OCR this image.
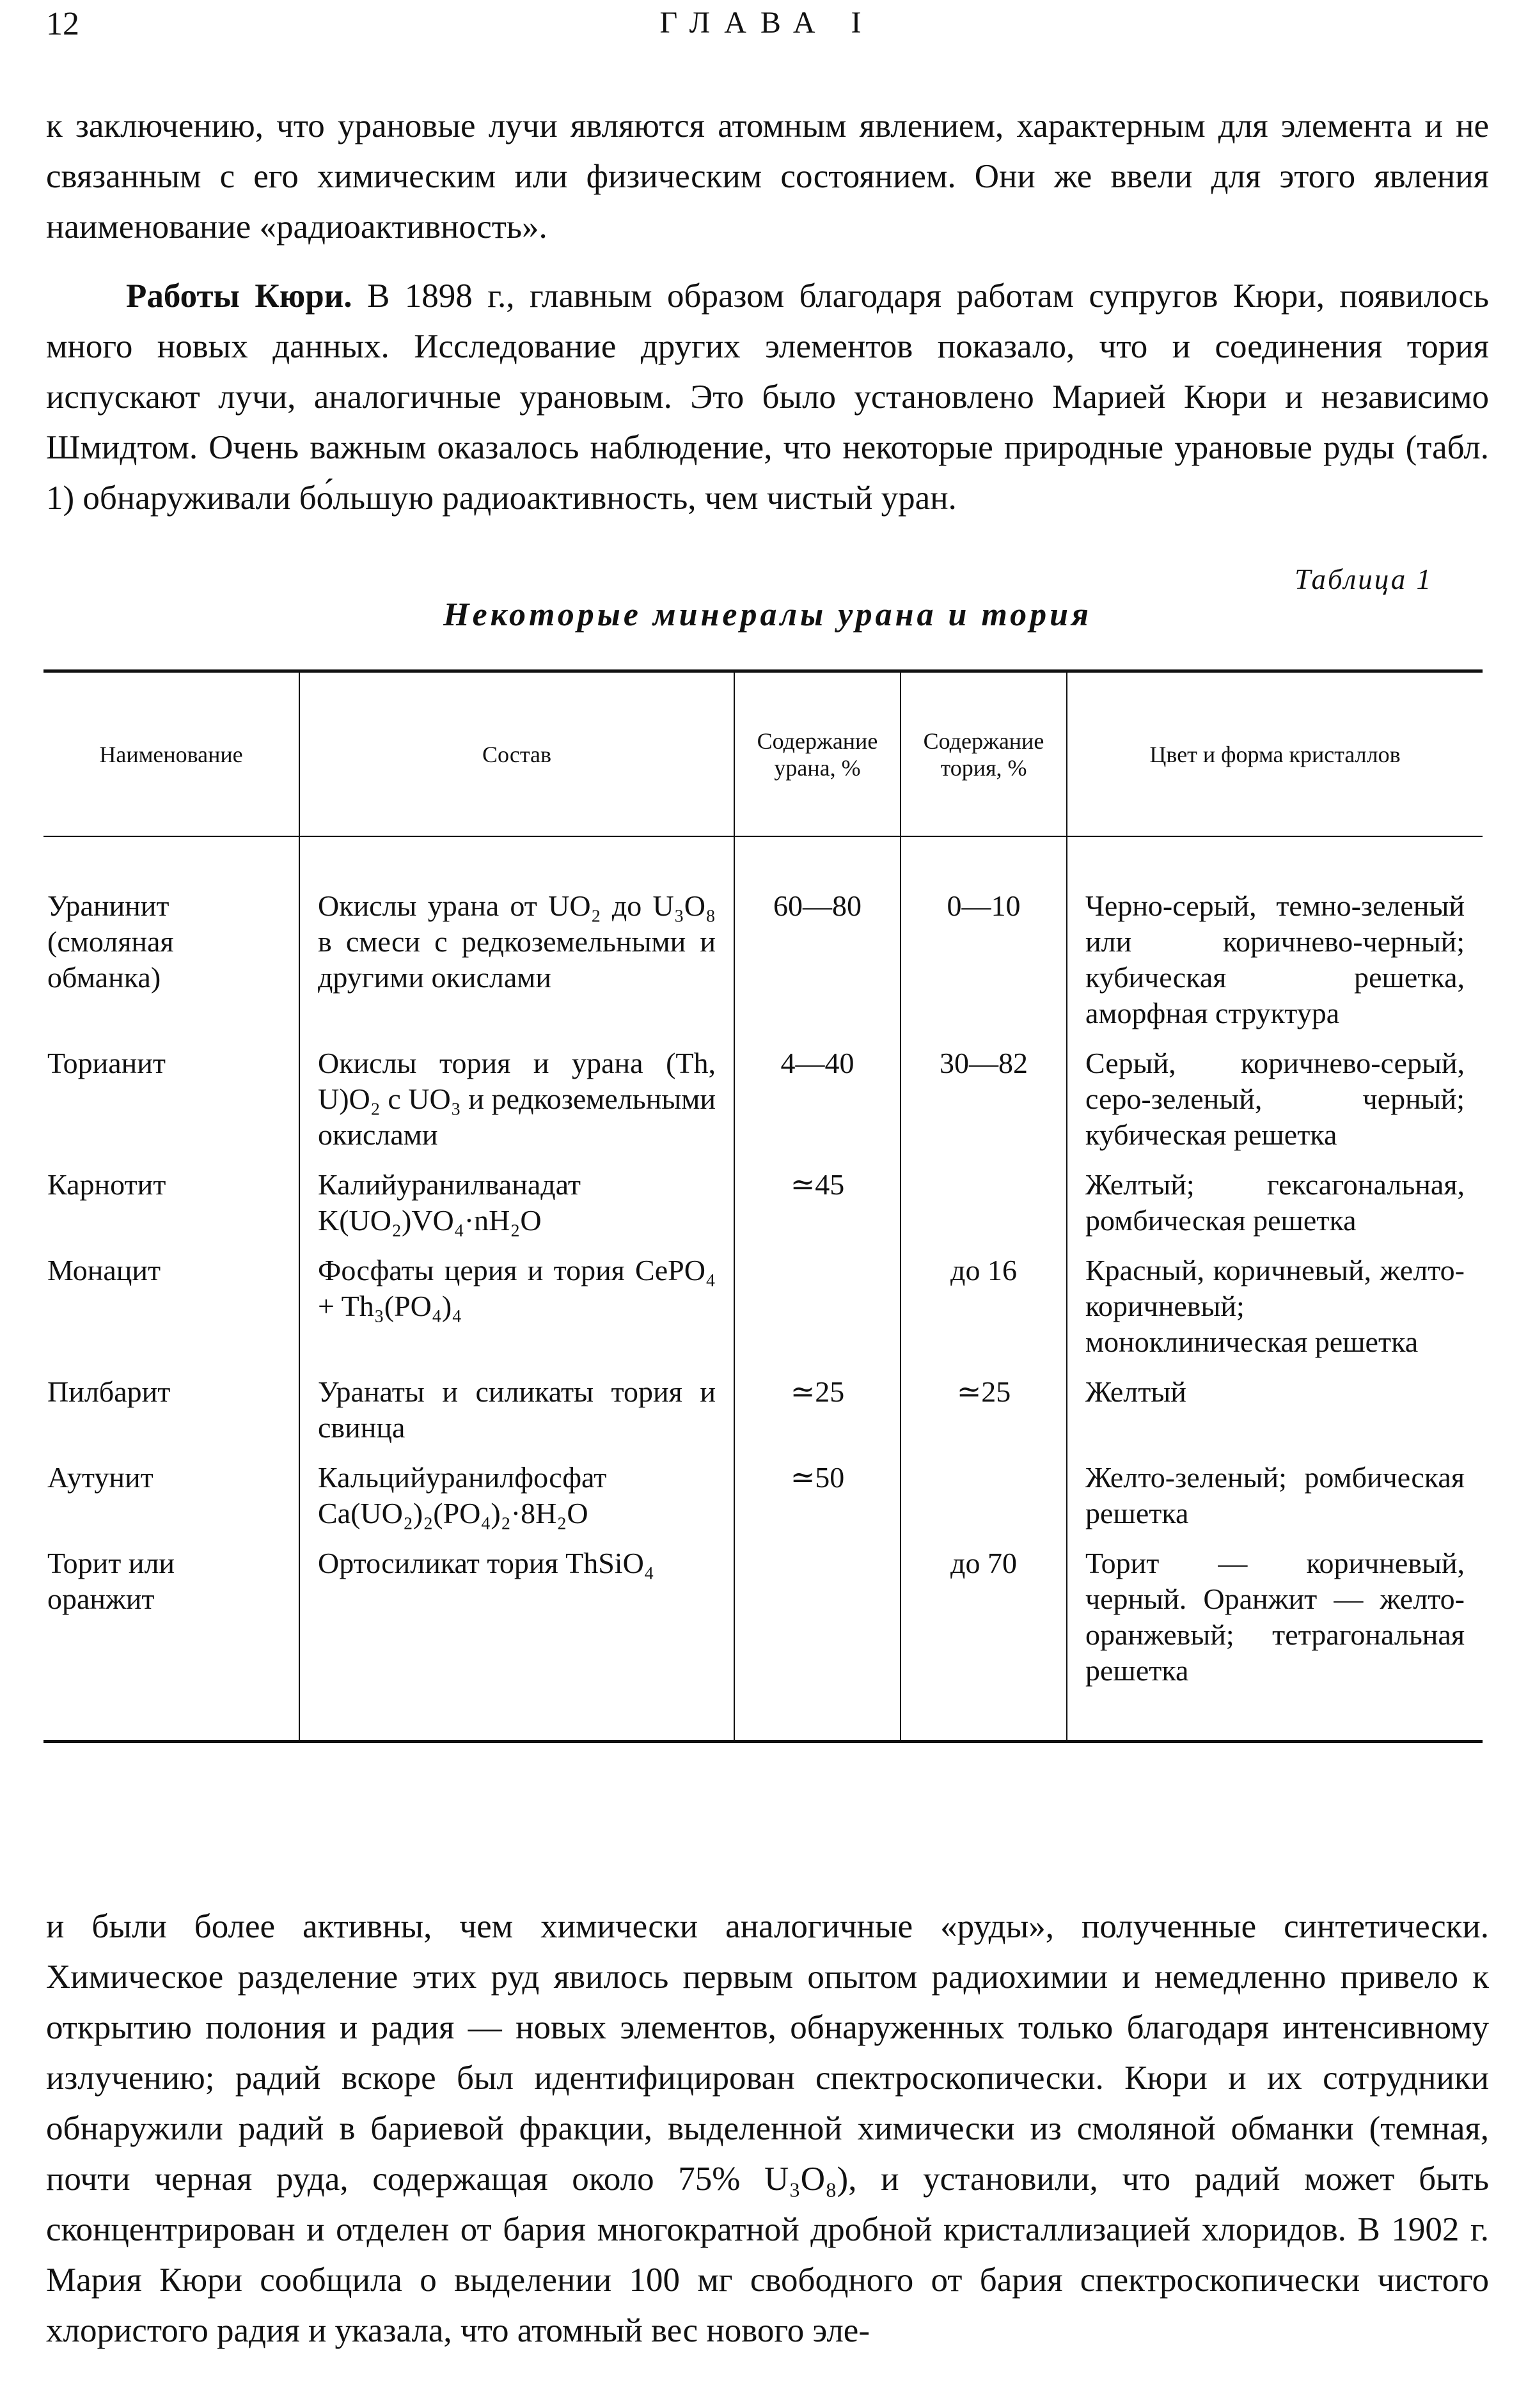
12	ГЛАВА I

к заключению, что урановые лучи являются атомным явлением, характерным для элемента и не связанным с его химическим или физическим состоянием. Они же ввели для этого явления наименование «радиоактивность».

Работы Кюри. В 1898 г., главным образом благодаря работам супругов Кюри, появилось много новых данных. Исследование других элементов показало, что и соединения тория испускают лучи, аналогичные урановым. Это было установлено Марией Кюри и независимо Шмидтом. Очень важным оказалось наблюдение, что некоторые природные урановые руды (табл. 1) обнаруживали бо́льшую радиоактивность, чем чистый уран.

Таблица 1
Некоторые минералы урана и тория
Наименование	Состав	Содержание урана, %	Содержание тория, %	Цвет и форма кристаллов
Уранинит (смоляная обманка)	Окислы урана от UO₂ до U₃O₈ в смеси с редкоземельными и другими окислами	60—80	0—10	Черно-серый, темно-зеленый или коричнево-черный; кубическая решетка, аморфная структура
Торианит	Окислы тория и урана (Th, U)O₂ с UO₃ и редкоземельными окислами	4—40	30—82	Серый, коричнево-серый, серо-зеленый, черный; кубическая решетка
Карнотит	Калийуранилванадат K(UO₂)VO₄·nH₂O	≃45		Желтый; гексагональная, ромбическая решетка
Монацит	Фосфаты церия и тория CePO₄ + Th₃(PO₄)₄		до 16	Красный, коричневый, желто-коричневый; моноклиническая решетка
Пилбарит	Уранаты и силикаты тория и свинца	≃25	≃25	Желтый
Аутунит	Кальцийуранилфосфат Ca(UO₂)₂(PO₄)₂·8H₂O	≃50		Желто-зеленый; ромбическая решетка
Торит или оранжит	Ортосиликат тория ThSiO₄		до 70	Торит — коричневый, черный. Оранжит — желто-оранжевый; тетрагональная решетка

и были более активны, чем химически аналогичные «руды», полученные синтетически. Химическое разделение этих руд явилось первым опытом радиохимии и немедленно привело к открытию полония и радия — новых элементов, обнаруженных только благодаря интенсивному излучению; радий вскоре был идентифицирован спектроскопически. Кюри и их сотрудники обнаружили радий в бариевой фракции, выделенной химически из смоляной обманки (темная, почти черная руда, содержащая около 75% U₃O₈), и установили, что радий может быть сконцентрирован и отделен от бария многократной дробной кристаллизацией хлоридов. В 1902 г. Мария Кюри сообщила о выделении 100 мг свободного от бария спектроскопически чистого хлористого радия и указала, что атомный вес нового эле-
